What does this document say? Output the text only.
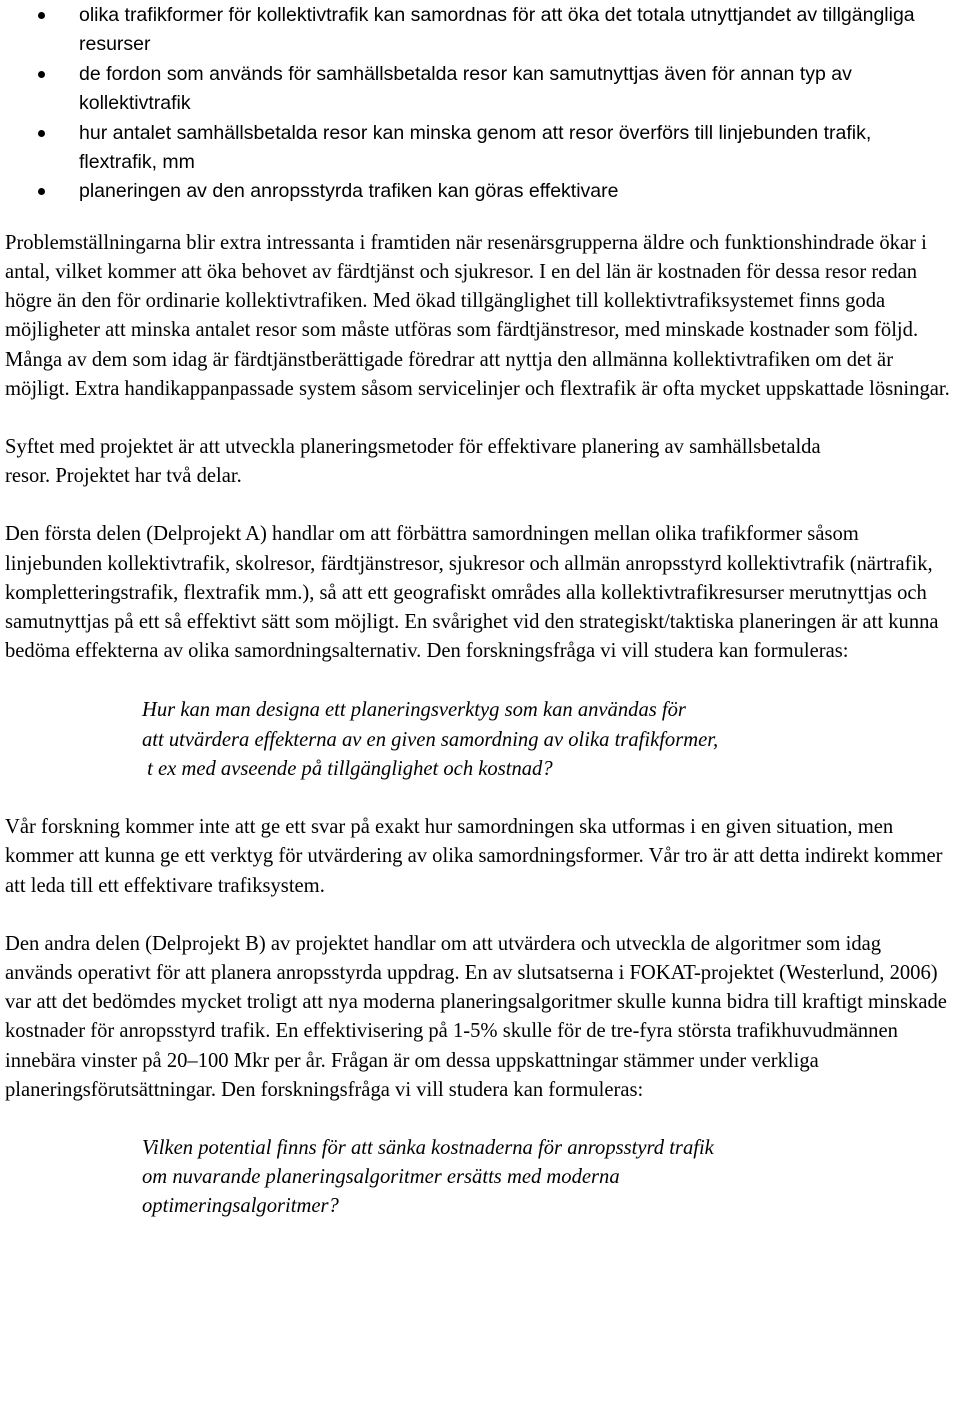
olika trafikformer för kollektivtrafik kan samordnas för att öka det totala utnyttjandet av tillgängliga resurser
de fordon som används för samhällsbetalda resor kan samutnyttjas även för annan typ av kollektivtrafik
hur antalet samhällsbetalda resor kan minska genom att resor överförs till linjebunden trafik, flextrafik, mm
planeringen av den anropsstyrda trafiken kan göras effektivare

Problemställningarna blir extra intressanta i framtiden när resenärsgrupperna äldre och funktionshindrade ökar i antal, vilket kommer att öka behovet av färdtjänst och sjukresor. I en del län är kostnaden för dessa resor redan högre än den för ordinarie kollektivtrafiken. Med ökad tillgänglighet till kollektivtrafiksystemet finns goda möjligheter att minska antalet resor som måste utföras som färdtjänstresor, med minskade kostnader som följd. Många av dem som idag är färdtjänstberättigade föredrar att nyttja den allmänna kollektivtrafiken om det är möjligt. Extra handikappanpassade system såsom servicelinjer och flextrafik är ofta mycket uppskattade lösningar.

Syftet med projektet är att utveckla planeringsmetoder för effektivare planering av samhällsbetalda resor. Projektet har två delar.

Den första delen (Delprojekt A) handlar om att förbättra samordningen mellan olika trafikformer såsom linjebunden kollektivtrafik, skolresor, färdtjänstresor, sjukresor och allmän anropsstyrd kollektivtrafik (närtrafik, kompletteringstrafik, flextrafik mm.), så att ett geografiskt områdes alla kollektivtrafikresurser merutnyttjas och samutnyttjas på ett så effektivt sätt som möjligt. En svårighet vid den strategiskt/taktiska planeringen är att kunna bedöma effekterna av olika samordningsalternativ. Den forskningsfråga vi vill studera kan formuleras:

Hur kan man designa ett planeringsverktyg som kan användas för
att utvärdera effekterna av en given samordning av olika trafikformer,
t ex med avseende på tillgänglighet och kostnad?

Vår forskning kommer inte att ge ett svar på exakt hur samordningen ska utformas i en given situation, men kommer att kunna ge ett verktyg för utvärdering av olika samordningsformer. Vår tro är att detta indirekt kommer att leda till ett effektivare trafiksystem.

Den andra delen (Delprojekt B) av projektet handlar om att utvärdera och utveckla de algoritmer som idag används operativt för att planera anropsstyrda uppdrag. En av slutsatserna i FOKAT-projektet (Westerlund, 2006) var att det bedömdes mycket troligt att nya moderna planeringsalgoritmer skulle kunna bidra till kraftigt minskade kostnader för anropsstyrd trafik. En effektivisering på 1-5% skulle för de tre-fyra största trafikhuvudmännen innebära vinster på 20–100 Mkr per år. Frågan är om dessa uppskattningar stämmer under verkliga planeringsförutsättningar. Den forskningsfråga vi vill studera kan formuleras:

Vilken potential finns för att sänka kostnaderna för anropsstyrd trafik
om nuvarande planeringsalgoritmer ersätts med moderna
optimeringsalgoritmer?
